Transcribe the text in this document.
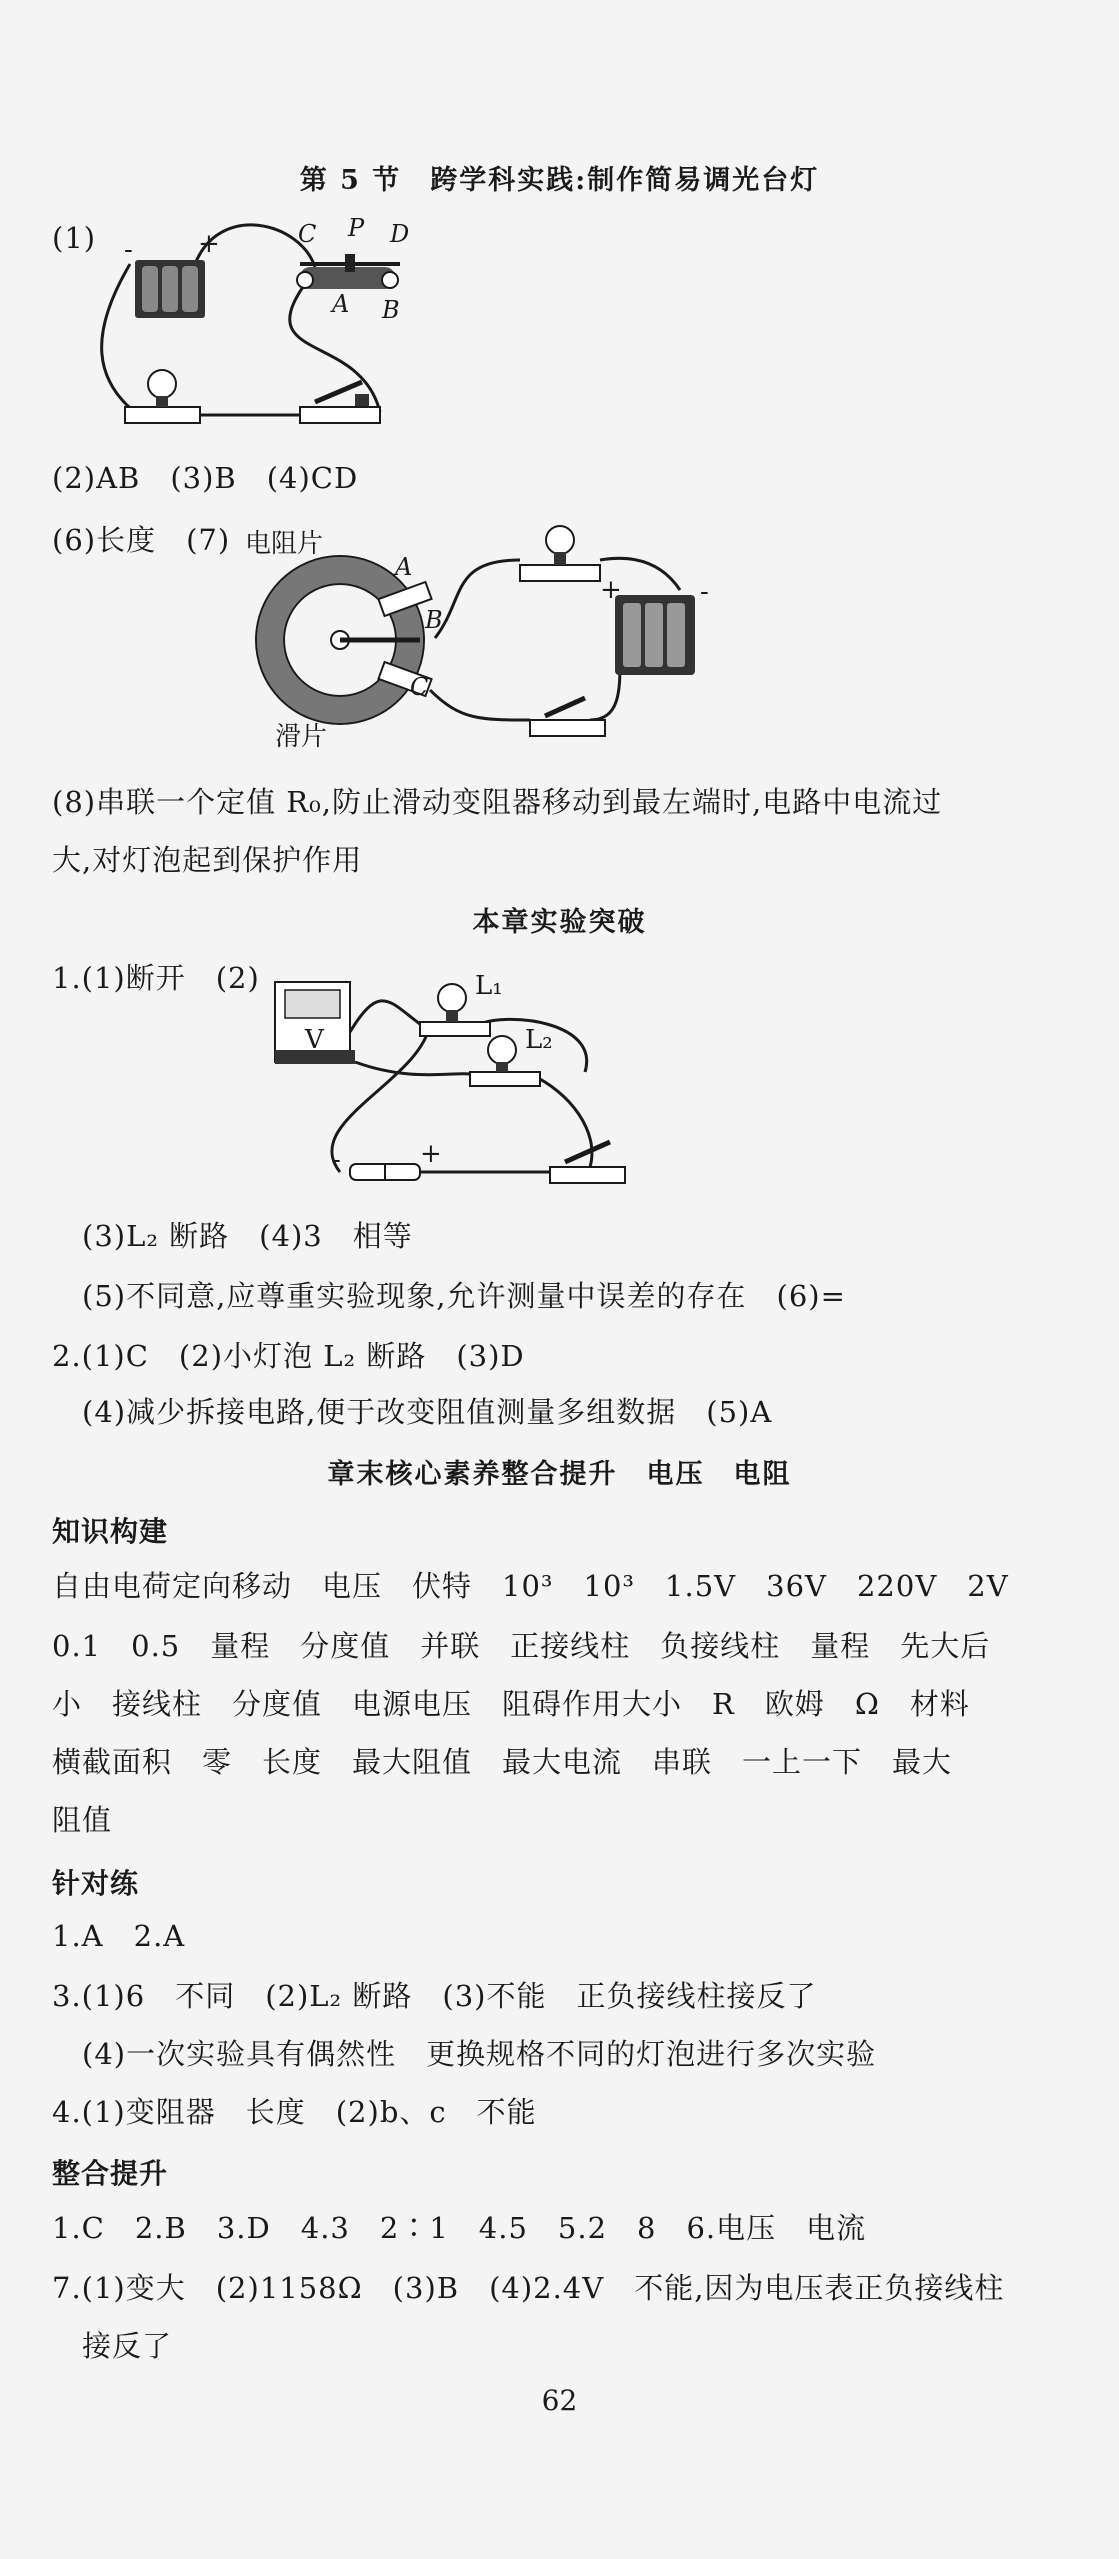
第 5 节　跨学科实践:制作简易调光台灯
(1) -	+	C P D
A B
(2)AB　(3)B　(4)CD
(6)长度　(7) 电阻片
滑片
A
B
C
+	-
(8)串联一个定值 R₀,防止滑动变阻器移动到最左端时,电路中电流过
大,对灯泡起到保护作用
本章实验突破
1.(1)断开　(2)
V
L₁
L₂
-	+
(3)L₂ 断路　(4)3　相等
(5)不同意,应尊重实验现象,允许测量中误差的存在　(6)=
2.(1)C　(2)小灯泡 L₂ 断路　(3)D
(4)减少拆接电路,便于改变阻值测量多组数据　(5)A
章末核心素养整合提升　电压　电阻
知识构建
自由电荷定向移动　电压　伏特　10³　10³　1.5V　36V　220V　2V
0.1　0.5　量程　分度值　并联　正接线柱　负接线柱　量程　先大后
小　接线柱　分度值　电源电压　阻碍作用大小　R　欧姆　Ω　材料
横截面积　零　长度　最大阻值　最大电流　串联　一上一下　最大
阻值
针对练
1.A　2.A
3.(1)6　不同　(2)L₂ 断路　(3)不能　正负接线柱接反了
(4)一次实验具有偶然性　更换规格不同的灯泡进行多次实验
4.(1)变阻器　长度　(2)b、c　不能
整合提升
1.C　2.B　3.D　4.3　2∶1　4.5　5.2　8　6.电压　电流
7.(1)变大　(2)1158Ω　(3)B　(4)2.4V　不能,因为电压表正负接线柱
接反了
62
